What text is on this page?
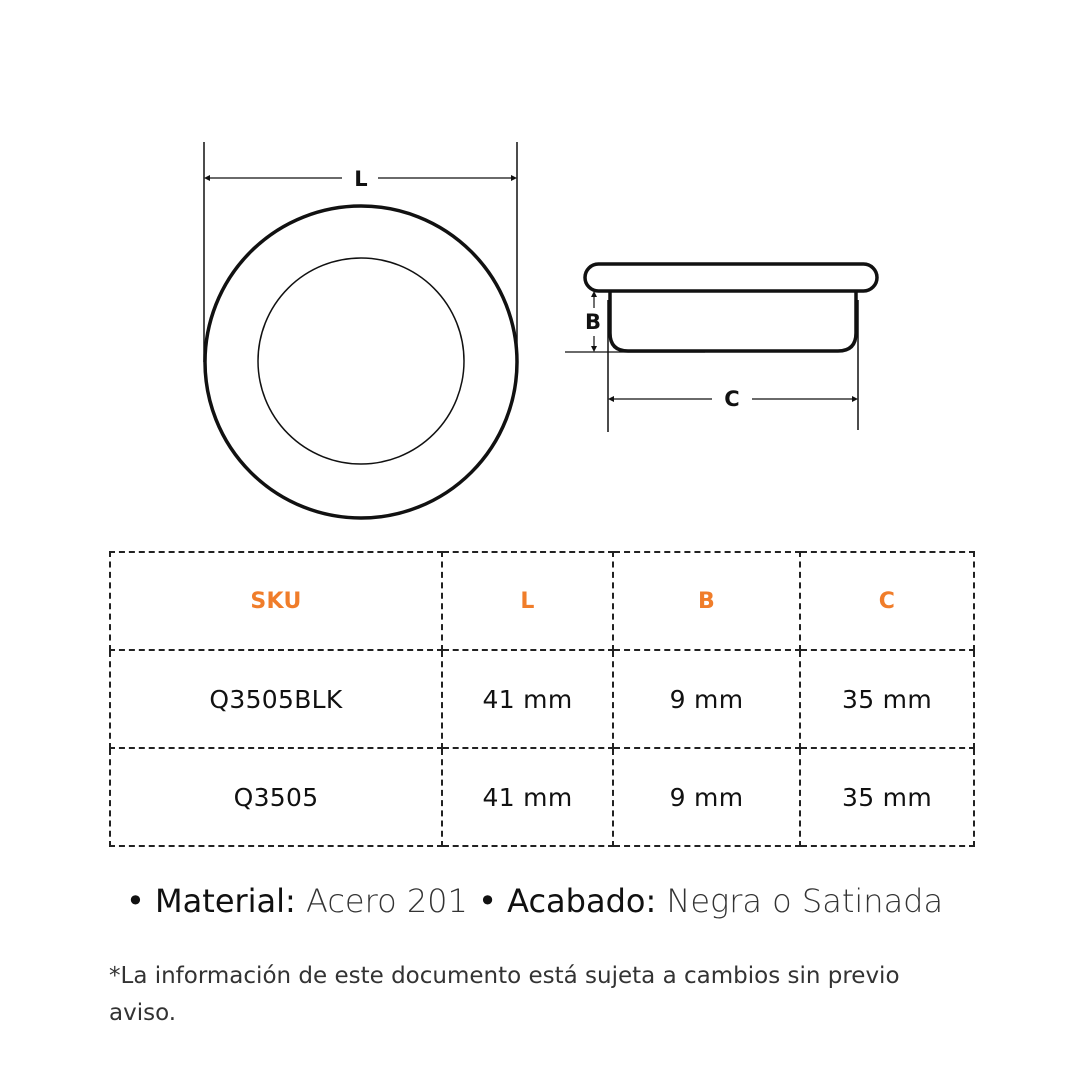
L
B
C
SKU	L	B	C
Q3505BLK	41 mm	9 mm	35 mm
Q3505	41 mm	9 mm	35 mm
• Material: Acero 201 • Acabado: Negra o Satinada
*La información de este documento está sujeta a cambios sin previo aviso.
